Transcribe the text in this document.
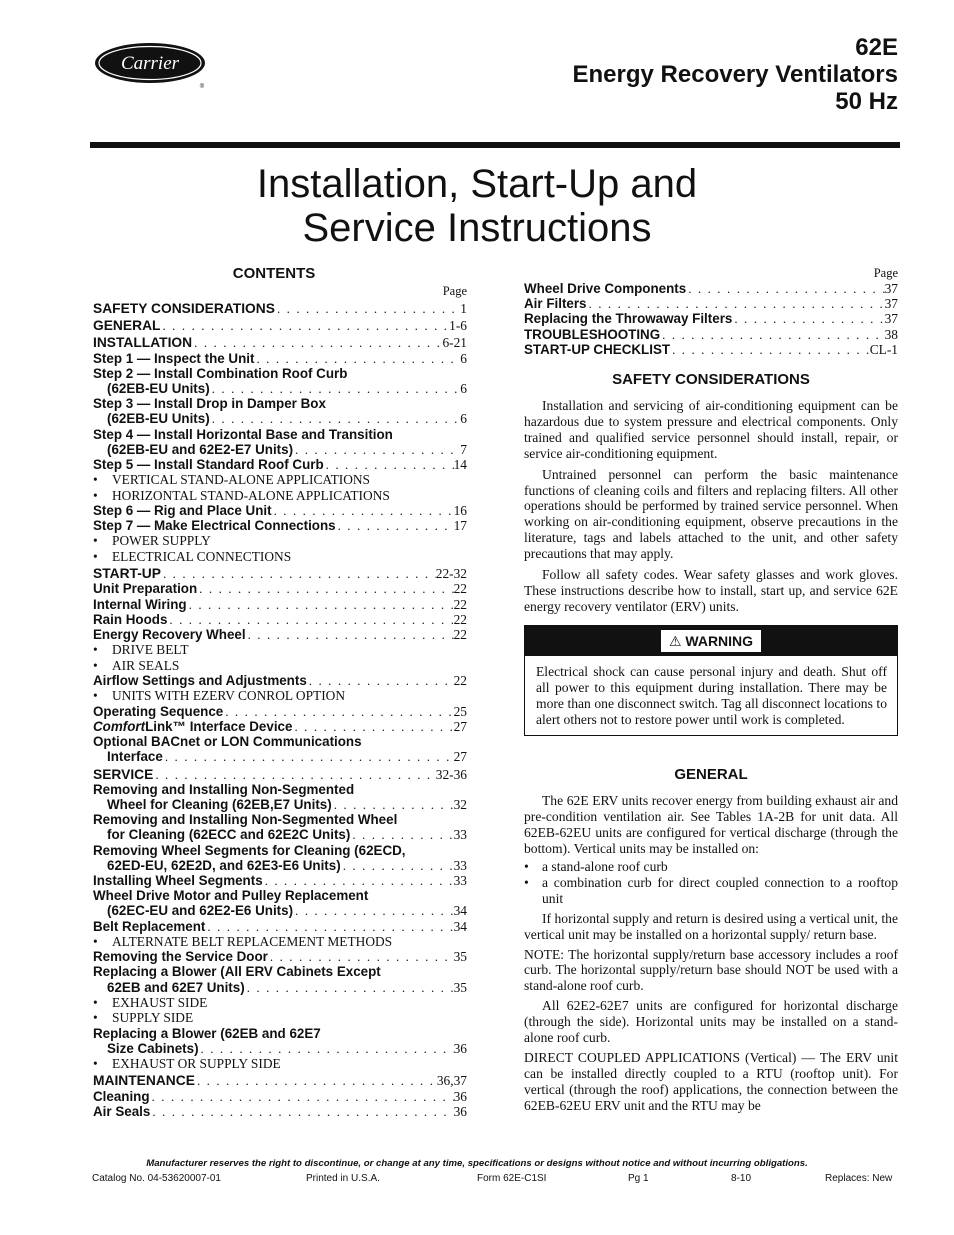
Carrier
®
62E
Energy Recovery Ventilators
50 Hz
Installation, Start-Up and
Service Instructions
CONTENTS
Page
SAFETY CONSIDERATIONS . . .	1
GENERAL . . .	1-6
INSTALLATION . . .	6-21
Step 1 — Inspect the Unit . . .	6
Step 2 — Install Combination Roof Curb
(62EB-EU Units) . . .	6
Step 3 — Install Drop in Damper Box
(62EB-EU Units) . . .	6
Step 4 — Install Horizontal Base and Transition
(62EB-EU and 62E2-E7 Units) . . .	7
Step 5 — Install Standard Roof Curb . . .	14
• VERTICAL STAND-ALONE APPLICATIONS
• HORIZONTAL STAND-ALONE APPLICATIONS
Step 6 — Rig and Place Unit . . .	16
Step 7 — Make Electrical Connections . . .	17
• POWER SUPPLY
• ELECTRICAL CONNECTIONS
START-UP . . .	22-32
Unit Preparation . . .	22
Internal Wiring . . .	22
Rain Hoods . . .	22
Energy Recovery Wheel . . .	22
• DRIVE BELT
• AIR SEALS
Airflow Settings and Adjustments . . .	22
• UNITS WITH EZERV CONROL OPTION
Operating Sequence . . .	25
ComfortLink™ Interface Device . . .	27
Optional BACnet or LON Communications
Interface . . .	27
SERVICE . . .	32-36
Removing and Installing Non-Segmented
Wheel for Cleaning (62EB,E7 Units) . . .	32
Removing and Installing Non-Segmented Wheel
for Cleaning (62ECC and 62E2C Units) . . .	33
Removing Wheel Segments for Cleaning (62ECD,
62ED-EU, 62E2D, and 62E3-E6 Units) . . .	33
Installing Wheel Segments . . .	33
Wheel Drive Motor and Pulley Replacement
(62EC-EU and 62E2-E6 Units) . . .	34
Belt Replacement . . .	34
• ALTERNATE BELT REPLACEMENT METHODS
Removing the Service Door . . .	35
Replacing a Blower (All ERV Cabinets Except
62EB and 62E7 Units) . . .	35
• EXHAUST SIDE
• SUPPLY SIDE
Replacing a Blower (62EB and 62E7
Size Cabinets) . . .	36
• EXHAUST OR SUPPLY SIDE
MAINTENANCE . . .	36,37
Cleaning . . .	36
Air Seals . . .	36
Page
Wheel Drive Components . . .	37
Air Filters . . .	37
Replacing the Throwaway Filters . . .	37
TROUBLESHOOTING . . .	38
START-UP CHECKLIST . . .	CL-1
SAFETY CONSIDERATIONS

Installation and servicing of air-conditioning equipment can be hazardous due to system pressure and electrical components. Only trained and qualified service personnel should install, repair, or service air-conditioning equipment.

Untrained personnel can perform the basic maintenance functions of cleaning coils and filters and replacing filters. All other operations should be performed by trained service personnel. When working on air-conditioning equipment, observe precautions in the literature, tags and labels attached to the unit, and other safety precautions that may apply.

Follow all safety codes. Wear safety glasses and work gloves. These instructions describe how to install, start up, and service 62E energy recovery ventilator (ERV) units.

⚠ WARNING

Electrical shock can cause personal injury and death. Shut off all power to this equipment during installation. There may be more than one disconnect switch. Tag all disconnect locations to alert others not to restore power until work is completed.

GENERAL

The 62E ERV units recover energy from building exhaust air and pre-condition ventilation air. See Tables 1A-2B for unit data. All 62EB-62EU units are configured for vertical discharge (through the bottom). Vertical units may be installed on:

• a stand-alone roof curb
• a combination curb for direct coupled connection to a rooftop unit

If horizontal supply and return is desired using a vertical unit, the vertical unit may be installed on a horizontal supply/ return base.

NOTE: The horizontal supply/return base accessory includes a roof curb. The horizontal supply/return base should NOT be used with a stand-alone roof curb.

All 62E2-62E7 units are configured for horizontal discharge (through the side). Horizontal units may be installed on a stand-alone roof curb.

DIRECT COUPLED APPLICATIONS (Vertical) — The ERV unit can be installed directly coupled to a RTU (rooftop unit). For vertical (through the roof) applications, the connection between the 62EB-62EU ERV unit and the RTU may be

Manufacturer reserves the right to discontinue, or change at any time, specifications or designs without notice and without incurring obligations.
Catalog No. 04-53620007-01	Printed in U.S.A.	Form 62E-C1SI	Pg 1	8-10	Replaces: New
